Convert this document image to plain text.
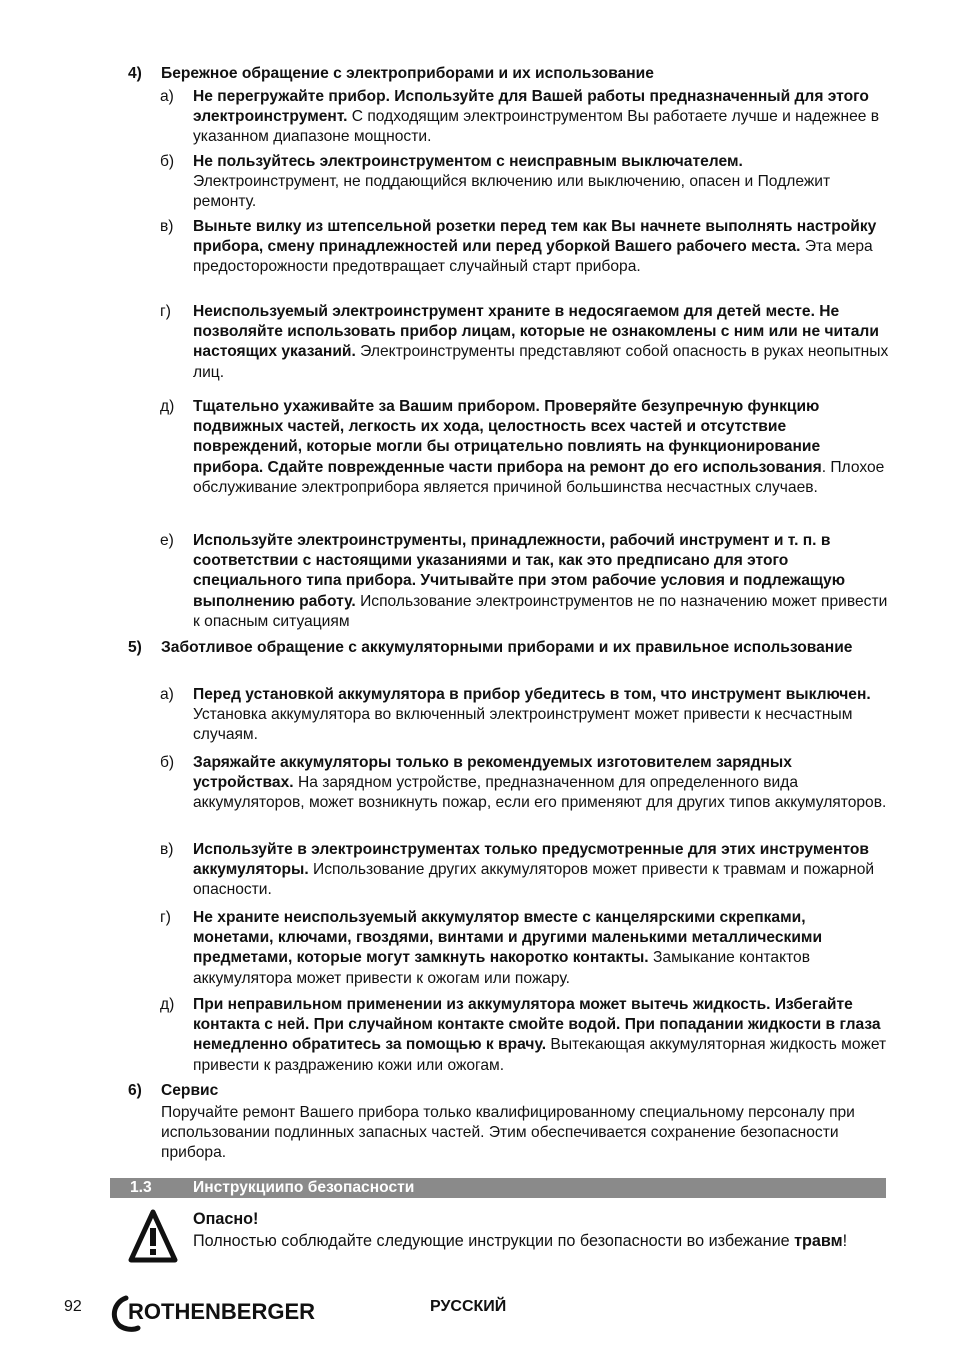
4) Бережное обращение с электроприборами и их использование
а) Не перегружайте прибор. Используйте для Вашей работы предназначенный для этого электроинструмент. С подходящим электроинструментом Вы работаете лучше и надежнее в указанном диапазоне мощности.
б) Не пользуйтесь электроинструментом с неисправным выключателем. Электроинструмент, не поддающийся включению или выключению, опасен и Подлежит ремонту.
в) Выньте вилку из штепсельной розетки перед тем как Вы начнете выполнять настройку прибора, смену принадлежностей или перед уборкой Вашего рабочего места. Эта мера предосторожности предотвращает случайный старт прибора.
г) Неиспользуемый электроинструмент храните в недосягаемом для детей месте. Не позволяйте использовать прибор лицам, которые не ознакомлены с ним или не читали настоящих указаний. Электроинструменты представляют собой опасность в руках неопытных лиц.
д) Тщательно ухаживайте за Вашим прибором. Проверяйте безупречную функцию подвижных частей, легкость их хода, целостность всех частей и отсутствие повреждений, которые могли бы отрицательно повлиять на функционирование прибора. Сдайте поврежденные части прибора на ремонт до его использования. Плохое обслуживание электроприбора является причиной большинства несчастных случаев.
е) Используйте электроинструменты, принадлежности, рабочий инструмент и т. п. в соответствии с настоящими указаниями и так, как это предписано для этого специального типа прибора. Учитывайте при этом рабочие условия и подлежащую выполнению работу. Использование электроинструментов не по назначению может привести к опасным ситуациям
5) Заботливое обращение с аккумуляторными приборами и их правильное использование
а) Перед установкой аккумулятора в прибор убедитесь в том, что инструмент выключен. Установка аккумулятора во включенный электроинструмент может привести к несчастным случаям.
б) Заряжайте аккумуляторы только в рекомендуемых изготовителем зарядных устройствах. На зарядном устройстве, предназначенном для определенного вида аккумуляторов, может возникнуть пожар, если его применяют для других типов аккумуляторов.
в) Используйте в электроинструментах только предусмотренные для этих инструментов аккумуляторы. Использование других аккумуляторов может привести к травмам и пожарной опасности.
г) Не храните неиспользуемый аккумулятор вместе с канцелярскими скрепками, монетами, ключами, гвоздями, винтами и другими маленькими металлическими предметами, которые могут замкнуть накоротко контакты. Замыкание контактов аккумулятора может привести к ожогам или пожару.
д) При неправильном применении из аккумулятора может вытечь жидкость. Избегайте контакта с ней. При случайном контакте смойте водой. При попадании жидкости в глаза немедленно обратитесь за помощью к врачу. Вытекающая аккумуляторная жидкость может привести к раздражению кожи или ожогам.
6) Сервис
Поручайте ремонт Вашего прибора только квалифицированному специальному персоналу при использовании подлинных запасных частей. Этим обеспечивается сохранение безопасности прибора.
1.3	Инструкциипо безопасности
Опасно!
Полностью соблюдайте следующие инструкции по безопасности во избежание травм!
92 ROTHENBERGER	РУССКИЙ
